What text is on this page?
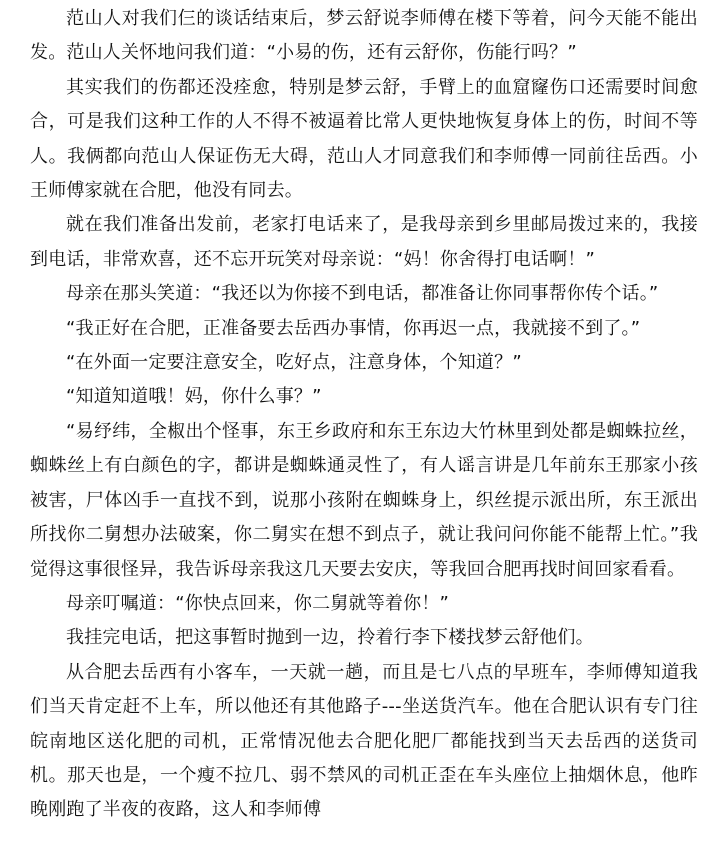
范山人对我们仨的谈话结束后，梦云舒说李师傅在楼下等着，问今天能不能出发。范山人关怀地问我们道：“小易的伤，还有云舒你，伤能行吗？”

其实我们的伤都还没痊愈，特别是梦云舒，手臂上的血窟窿伤口还需要时间愈合，可是我们这种工作的人不得不被逼着比常人更快地恢复身体上的伤，时间不等人。我俩都向范山人保证伤无大碍，范山人才同意我们和李师傅一同前往岳西。小王师傅家就在合肥，他没有同去。

就在我们准备出发前，老家打电话来了，是我母亲到乡里邮局拨过来的，我接到电话，非常欢喜，还不忘开玩笑对母亲说：“妈！你舍得打电话啊！”

母亲在那头笑道：“我还以为你接不到电话，都准备让你同事帮你传个话。”

“我正好在合肥，正准备要去岳西办事情，你再迟一点，我就接不到了。”

“在外面一定要注意安全，吃好点，注意身体，个知道？”

“知道知道哦！妈，你什么事？”

“易纾纬，全椒出个怪事，东王乡政府和东王东边大竹林里到处都是蜘蛛拉丝，蜘蛛丝上有白颜色的字，都讲是蜘蛛通灵性了，有人谣言讲是几年前东王那家小孩被害，尸体凶手一直找不到，说那小孩附在蜘蛛身上，织丝提示派出所，东王派出所找你二舅想办法破案，你二舅实在想不到点子，就让我问问你能不能帮上忙。”我觉得这事很怪异，我告诉母亲我这几天要去安庆，等我回合肥再找时间回家看看。

母亲叮嘱道：“你快点回来，你二舅就等着你！”

我挂完电话，把这事暂时抛到一边，拎着行李下楼找梦云舒他们。

从合肥去岳西有小客车，一天就一趟，而且是七八点的早班车，李师傅知道我们当天肯定赶不上车，所以他还有其他路子---坐送货汽车。他在合肥认识有专门往皖南地区送化肥的司机，正常情况他去合肥化肥厂都能找到当天去岳西的送货司机。那天也是，一个瘦不拉几、弱不禁风的司机正歪在车头座位上抽烟休息，他昨晚刚跑了半夜的夜路，这人和李师傅
